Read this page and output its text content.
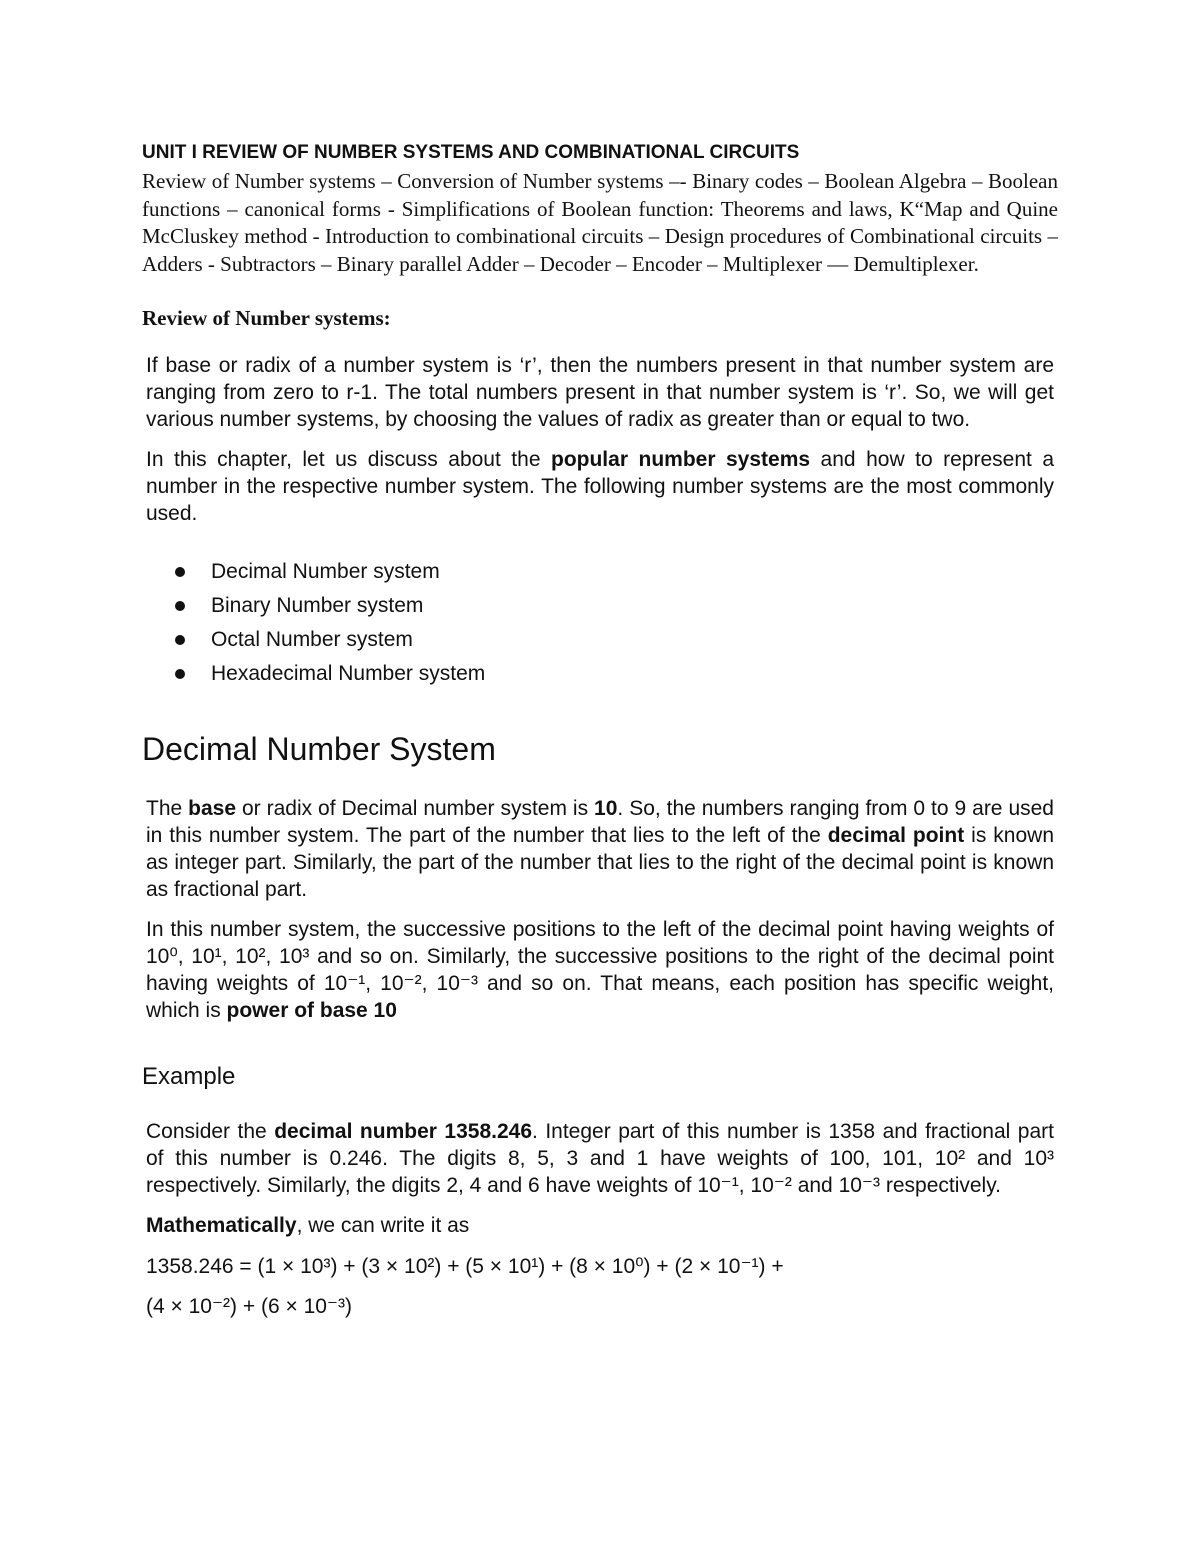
UNIT I REVIEW OF NUMBER SYSTEMS AND COMBINATIONAL CIRCUITS

Review of Number systems – Conversion of Number systems –- Binary codes – Boolean Algebra – Boolean functions – canonical forms - Simplifications of Boolean function: Theorems and laws, K“Map and Quine McCluskey method - Introduction to combinational circuits – Design procedures of Combinational circuits – Adders - Subtractors – Binary parallel Adder – Decoder – Encoder – Multiplexer –– Demultiplexer.

Review of Number systems:

If base or radix of a number system is ‘r’, then the numbers present in that number system are ranging from zero to r-1. The total numbers present in that number system is ‘r’. So, we will get various number systems, by choosing the values of radix as greater than or equal to two.

In this chapter, let us discuss about the popular number systems and how to represent a number in the respective number system. The following number systems are the most commonly used.

Decimal Number system
Binary Number system
Octal Number system
Hexadecimal Number system
Decimal Number System

The base or radix of Decimal number system is 10. So, the numbers ranging from 0 to 9 are used in this number system. The part of the number that lies to the left of the decimal point is known as integer part. Similarly, the part of the number that lies to the right of the decimal point is known as fractional part.

In this number system, the successive positions to the left of the decimal point having weights of 10⁰, 10¹, 10², 10³ and so on. Similarly, the successive positions to the right of the decimal point having weights of 10⁻¹, 10⁻², 10⁻³ and so on. That means, each position has specific weight, which is power of base 10

Example

Consider the decimal number 1358.246. Integer part of this number is 1358 and fractional part of this number is 0.246. The digits 8, 5, 3 and 1 have weights of 100, 101, 10² and 10³ respectively. Similarly, the digits 2, 4 and 6 have weights of 10⁻¹, 10⁻² and 10⁻³ respectively.

Mathematically, we can write it as

1358.246 = (1 × 10³) + (3 × 10²) + (5 × 10¹) + (8 × 10⁰) + (2 × 10⁻¹) +

(4 × 10⁻²) + (6 × 10⁻³)
